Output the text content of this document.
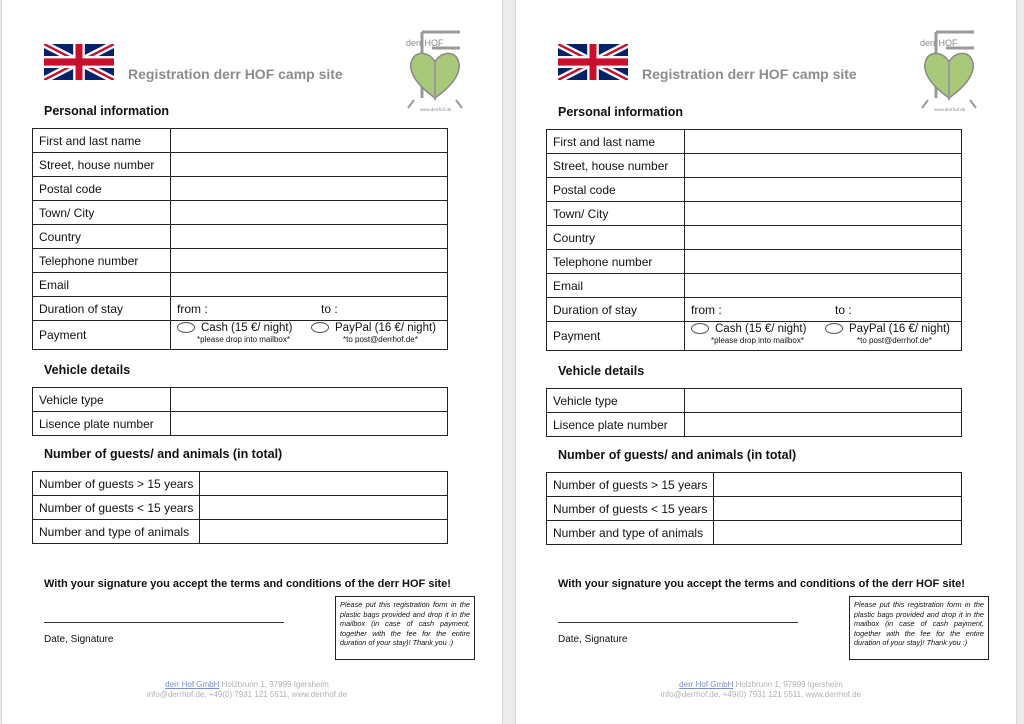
Registration derr HOF camp site
derr HOF
www.derrhof.de
Personal information
First and last name	
Street, house number	
Postal code	
Town/ City	
Country	
Telephone number	
Email	
Duration of stay	from : to :
Payment	Cash (15 €/ night)
*please drop into mailbox*
PayPal (16 €/ night)
*to post@derrhof.de*
Vehicle details
Vehicle type	
Lisence plate number	
Number of guests/ and animals (in total)
Number of guests > 15 years	
Number of guests < 15 years	
Number and type of animals	
With your signature you accept the terms and conditions of the derr HOF site!
Date, Signature
Please put this registration form in the plastic bags provided and drop it in the mailbox (in case of cash payment, together with the fee for the entire duration of your stay)! Thank you :)
derr Hof GmbH Holzbrunn 1, 97999 Igersheim
info@derrhof.de, +49(0) 7931 121 5511, www.derrhof.de
Registration derr HOF camp site
derr HOF
www.derrhof.de
Personal information
First and last name	
Street, house number	
Postal code	
Town/ City	
Country	
Telephone number	
Email	
Duration of stay	from : to :
Payment	Cash (15 €/ night)
*please drop into mailbox*
PayPal (16 €/ night)
*to post@derrhof.de*
Vehicle details
Vehicle type	
Lisence plate number	
Number of guests/ and animals (in total)
Number of guests > 15 years	
Number of guests < 15 years	
Number and type of animals	
With your signature you accept the terms and conditions of the derr HOF site!
Date, Signature
Please put this registration form in the plastic bags provided and drop it in the mailbox (in case of cash payment, together with the fee for the entire duration of your stay)! Thank you :)
derr Hof GmbH Holzbrunn 1, 97999 Igersheim
info@derrhof.de, +49(0) 7931 121 5511, www.derrhof.de
